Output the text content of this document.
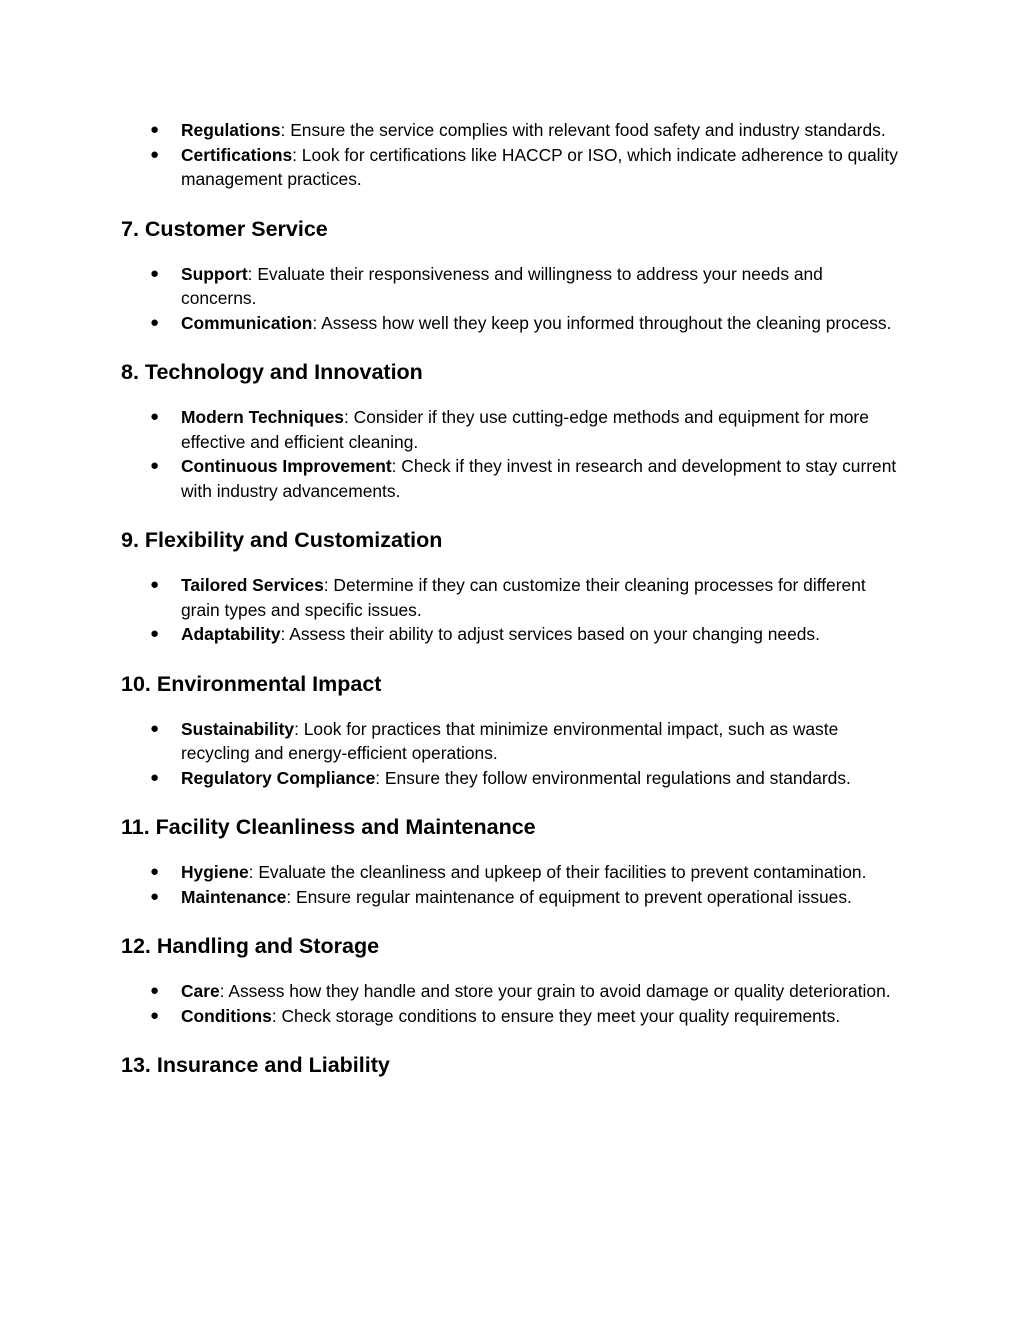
● Regulations: Ensure the service complies with relevant food safety and industry standards.
● Certifications: Look for certifications like HACCP or ISO, which indicate adherence to quality management practices.
7. Customer Service
● Support: Evaluate their responsiveness and willingness to address your needs and concerns.
● Communication: Assess how well they keep you informed throughout the cleaning process.
8. Technology and Innovation
● Modern Techniques: Consider if they use cutting-edge methods and equipment for more effective and efficient cleaning.
● Continuous Improvement: Check if they invest in research and development to stay current with industry advancements.
9. Flexibility and Customization
● Tailored Services: Determine if they can customize their cleaning processes for different grain types and specific issues.
● Adaptability: Assess their ability to adjust services based on your changing needs.
10. Environmental Impact
● Sustainability: Look for practices that minimize environmental impact, such as waste recycling and energy-efficient operations.
● Regulatory Compliance: Ensure they follow environmental regulations and standards.
11. Facility Cleanliness and Maintenance
● Hygiene: Evaluate the cleanliness and upkeep of their facilities to prevent contamination.
● Maintenance: Ensure regular maintenance of equipment to prevent operational issues.
12. Handling and Storage
● Care: Assess how they handle and store your grain to avoid damage or quality deterioration.
● Conditions: Check storage conditions to ensure they meet your quality requirements.
13. Insurance and Liability
